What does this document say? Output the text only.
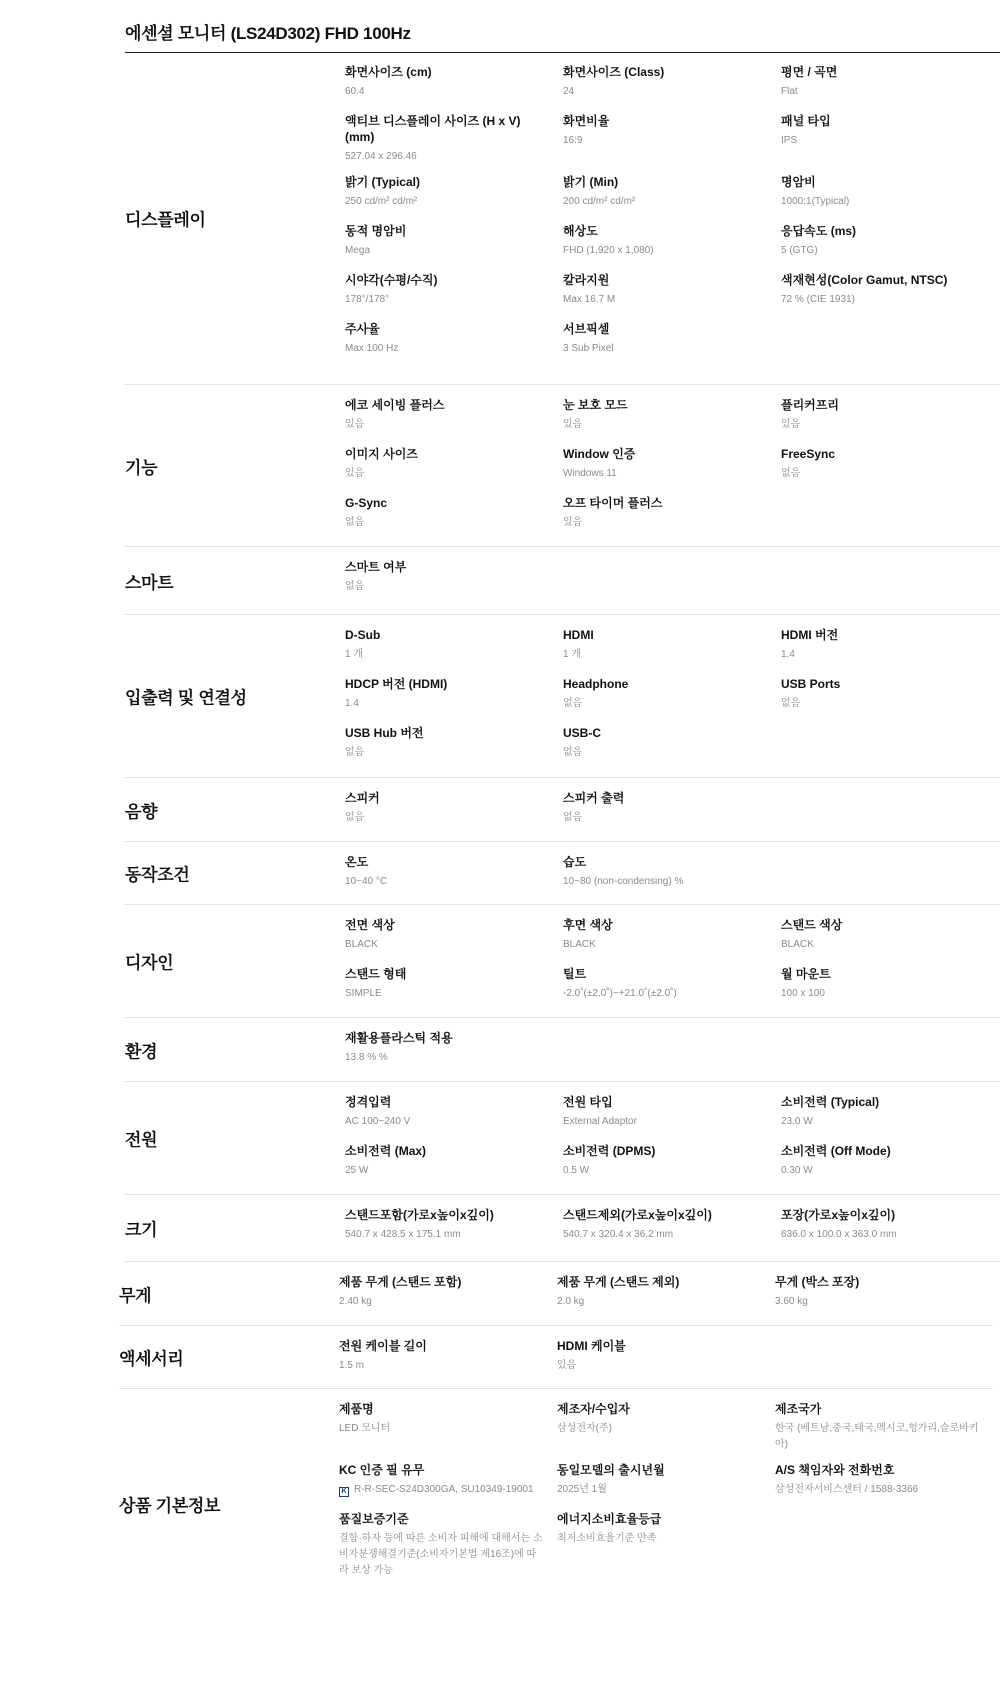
에센셜 모니터 (LS24D302) FHD 100Hz
디스플레이
화면사이즈 (cm)
60.4
화면사이즈 (Class)
24
평면 / 곡면
Flat
액티브 디스플레이 사이즈 (H x V) (mm)
527.04 x 296.46
화면비율
16:9
패널 타입
IPS
밝기 (Typical)
250 cd/m² cd/m²
밝기 (Min)
200 cd/m² cd/m²
명암비
1000:1(Typical)
동적 명암비
Mega
해상도
FHD (1,920 x 1,080)
응답속도 (ms)
5 (GTG)
시야각(수평/수직)
178°/178°
칼라지원
Max 16.7 M
색재현성(Color Gamut, NTSC)
72 % (CIE 1931)
주사율
Max 100 Hz
서브픽셀
3 Sub Pixel
기능
에코 세이빙 플러스
있음
눈 보호 모드
있음
플리커프리
있음
이미지 사이즈
있음
Window 인증
Windows 11
FreeSync
없음
G-Sync
없음
오프 타이머 플러스
있음
스마트
스마트 여부
없음
입출력 및 연결성
D-Sub
1 개
HDMI
1 개
HDMI 버전
1.4
HDCP 버전 (HDMI)
1.4
Headphone
없음
USB Ports
없음
USB Hub 버전
없음
USB-C
없음
음향
스피커
없음
스피커 출력
없음
동작조건
온도
10~40 °C
습도
10~80 (non-condensing) %
디자인
전면 색상
BLACK
후면 색상
BLACK
스탠드 색상
BLACK
스탠드 형태
SIMPLE
틸트
-2.0˚(±2.0˚)~+21.0˚(±2.0˚)
월 마운트
100 x 100
환경
재활용플라스틱 적용
13.8 % %
전원
정격입력
AC 100~240 V
전원 타입
External Adaptor
소비전력 (Typical)
23.0 W
소비전력 (Max)
25 W
소비전력 (DPMS)
0.5 W
소비전력 (Off Mode)
0.30 W
크기
스탠드포함(가로x높이x깊이)
540.7 x 428.5 x 175.1 mm
스탠드제외(가로x높이x깊이)
540.7 x 320.4 x 36.2 mm
포장(가로x높이x깊이)
636.0 x 100.0 x 363.0 mm
무게
제품 무게 (스탠드 포함)
2.40 kg
제품 무게 (스탠드 제외)
2.0 kg
무게 (박스 포장)
3.60 kg
액세서리
전원 케이블 길이
1.5 m
HDMI 케이블
있음
상품 기본정보
제품명
LED 모니터
제조자/수입자
삼성전자(주)
제조국가
한국 (베트남,중국,태국,멕시코,헝가리,슬로바키아)
KC 인증 필 유무
K R-R-SEC-S24D300GA, SU10349-19001
동일모델의 출시년월
2025년 1월
A/S 책임자와 전화번호
삼성전자서비스센터 / 1588-3366
품질보증기준
결함·하자 등에 따른 소비자 피해에 대해서는 소비자분쟁해결기준(소비자기본법 제16조)에 따라 보상 가능
에너지소비효율등급
최저소비효율기준 만족
